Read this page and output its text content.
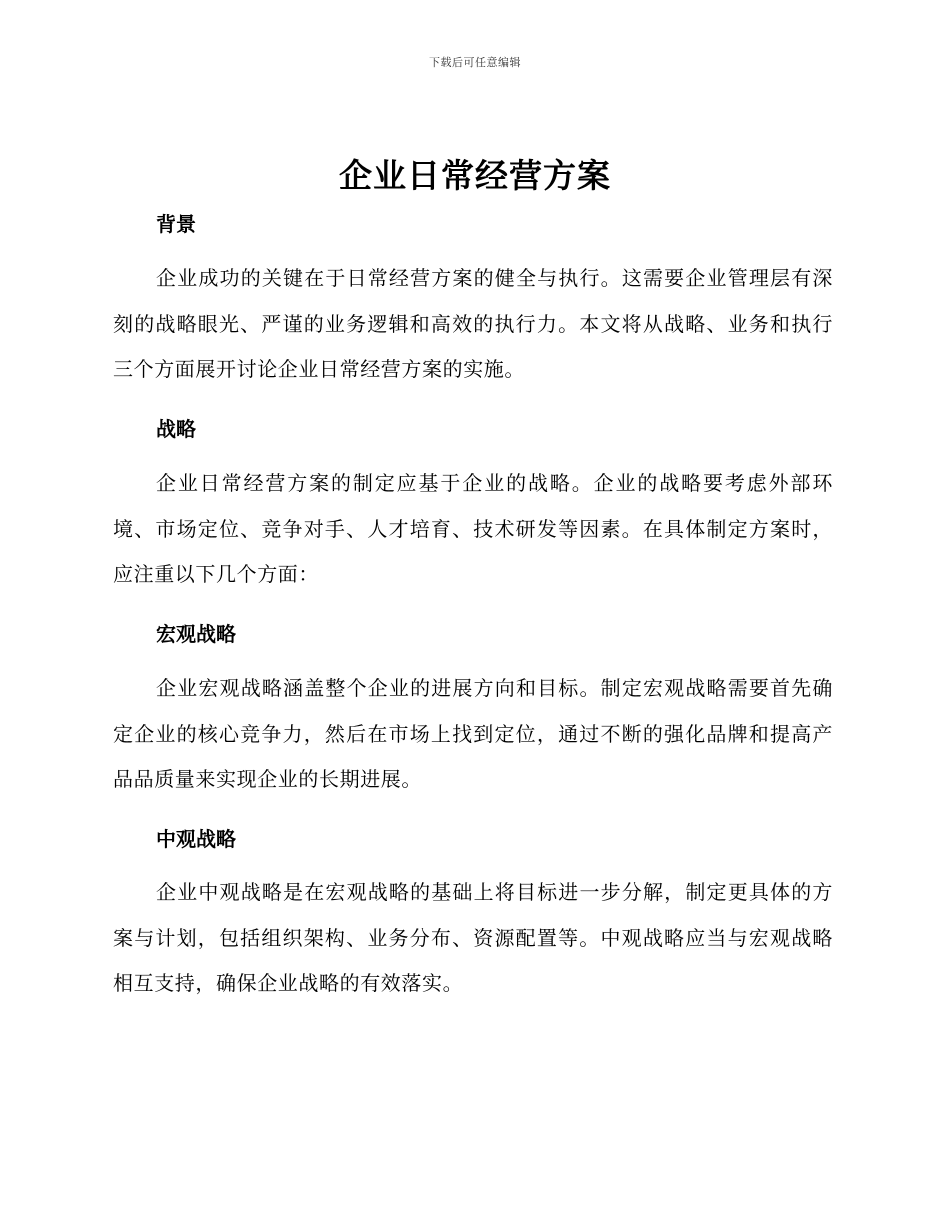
下载后可任意编辑
企业日常经营方案
背景

企业成功的关键在于日常经营方案的健全与执行。这需要企业管理层有深刻的战略眼光、严谨的业务逻辑和高效的执行力。本文将从战略、业务和执行三个方面展开讨论企业日常经营方案的实施。

战略

企业日常经营方案的制定应基于企业的战略。企业的战略要考虑外部环境、市场定位、竞争对手、人才培育、技术研发等因素。在具体制定方案时，应注重以下几个方面：

宏观战略

企业宏观战略涵盖整个企业的进展方向和目标。制定宏观战略需要首先确定企业的核心竞争力，然后在市场上找到定位，通过不断的强化品牌和提高产品品质量来实现企业的长期进展。

中观战略

企业中观战略是在宏观战略的基础上将目标进一步分解，制定更具体的方案与计划，包括组织架构、业务分布、资源配置等。中观战略应当与宏观战略相互支持，确保企业战略的有效落实。
